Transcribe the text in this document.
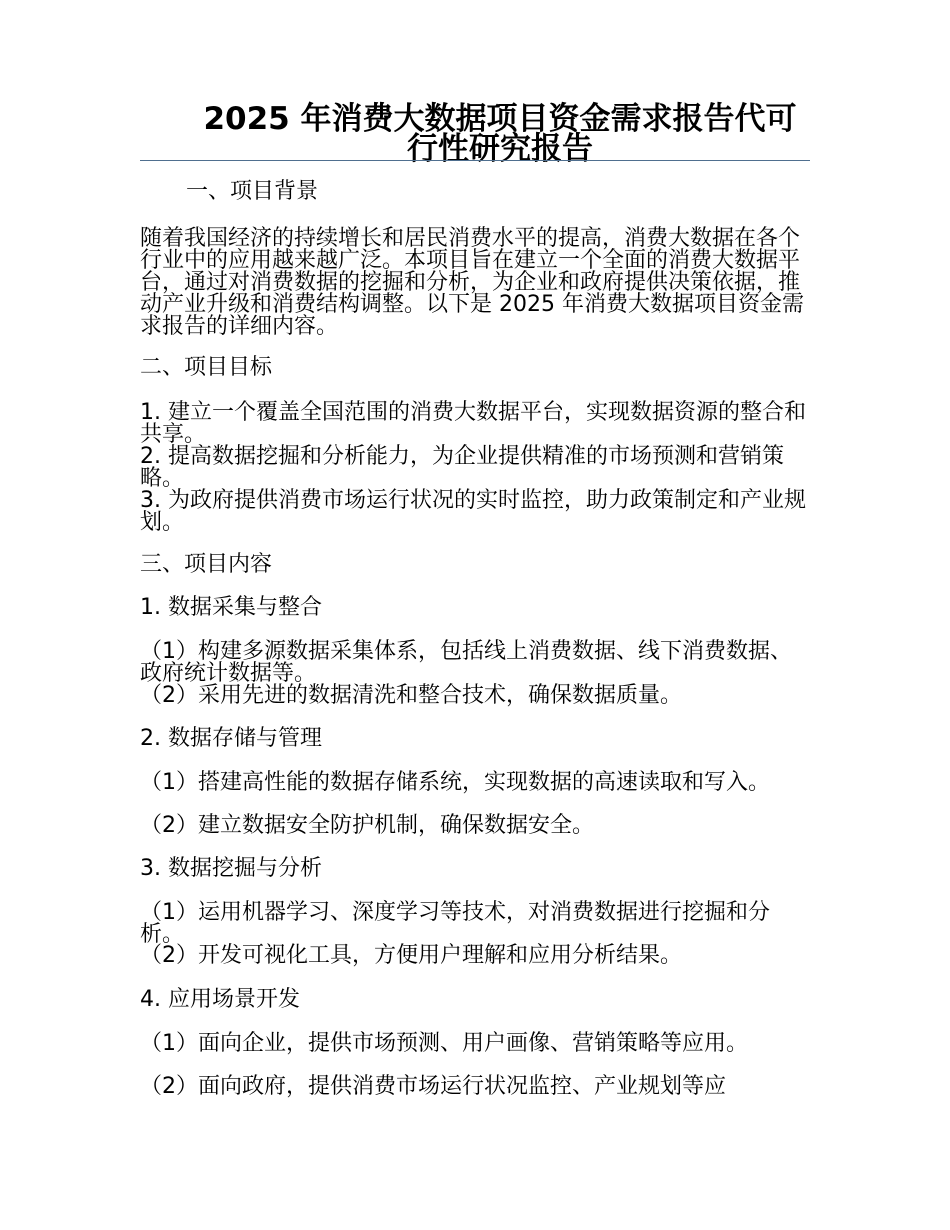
2025 年消费大数据项目资金需求报告代可行性研究报告
一、项目背景
随着我国经济的持续增长和居民消费水平的提高，消费大数据在各个行业中的应用越来越广泛。本项目旨在建立一个全面的消费大数据平台，通过对消费数据的挖掘和分析，为企业和政府提供决策依据，推动产业升级和消费结构调整。以下是 2025 年消费大数据项目资金需求报告的详细内容。
二、项目目标
1. 建立一个覆盖全国范围的消费大数据平台，实现数据资源的整合和共享。
2. 提高数据挖掘和分析能力，为企业提供精准的市场预测和营销策略。
3. 为政府提供消费市场运行状况的实时监控，助力政策制定和产业规划。
三、项目内容
1. 数据采集与整合
（1）构建多源数据采集体系，包括线上消费数据、线下消费数据、政府统计数据等。
（2）采用先进的数据清洗和整合技术，确保数据质量。
2. 数据存储与管理
（1）搭建高性能的数据存储系统，实现数据的高速读取和写入。
（2）建立数据安全防护机制，确保数据安全。
3. 数据挖掘与分析
（1）运用机器学习、深度学习等技术，对消费数据进行挖掘和分析。
（2）开发可视化工具，方便用户理解和应用分析结果。
4. 应用场景开发
（1）面向企业，提供市场预测、用户画像、营销策略等应用。
（2）面向政府，提供消费市场运行状况监控、产业规划等应
